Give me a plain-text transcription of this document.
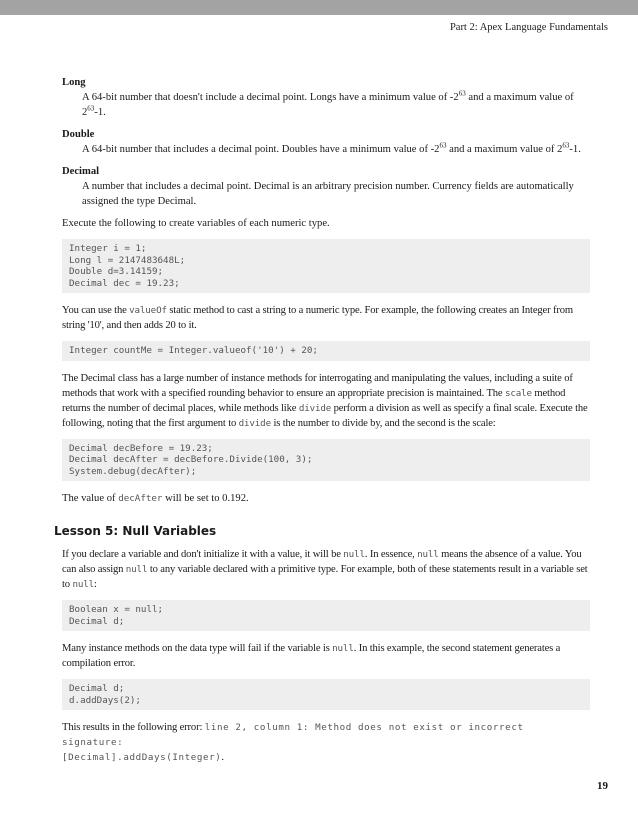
Part 2: Apex Language Fundamentals
Long
A 64-bit number that doesn't include a decimal point. Longs have a minimum value of $-2^{63}$ and a maximum value of
$2^{63}-1$.
Double
A 64-bit number that includes a decimal point. Doubles have a minimum value of $-2^{63}$ and a maximum value of $2^{63}-1$.
Decimal
A number that includes a decimal point. Decimal is an arbitrary precision number. Currency fields are automatically assigned the type Decimal.
Execute the following to create variables of each numeric type.
Integer i = 1;
Long l = 2147483648L;
Double d=3.14159;
Decimal dec = 19.23;
You can use the valueOf static method to cast a string to a numeric type. For example, the following creates an Integer from string '10', and then adds 20 to it.
Integer countMe = Integer.valueof('10') + 20;
The Decimal class has a large number of instance methods for interrogating and manipulating the values, including a suite of methods that work with a specified rounding behavior to ensure an appropriate precision is maintained. The scale method returns the number of decimal places, while methods like divide perform a division as well as specify a final scale. Execute the following, noting that the first argument to divide is the number to divide by, and the second is the scale:
Decimal decBefore = 19.23;
Decimal decAfter = decBefore.Divide(100, 3);
System.debug(decAfter);
The value of decAfter will be set to 0.192.
Lesson 5: Null Variables
If you declare a variable and don't initialize it with a value, it will be null. In essence, null means the absence of a value. You can also assign null to any variable declared with a primitive type. For example, both of these statements result in a variable set to null:
Boolean x = null;
Decimal d;
Many instance methods on the data type will fail if the variable is null. In this example, the second statement generates a compilation error.
Decimal d;
d.addDays(2);
This results in the following error: line 2, column 1: Method does not exist or incorrect signature:
[Decimal].addDays(Integer).
19
